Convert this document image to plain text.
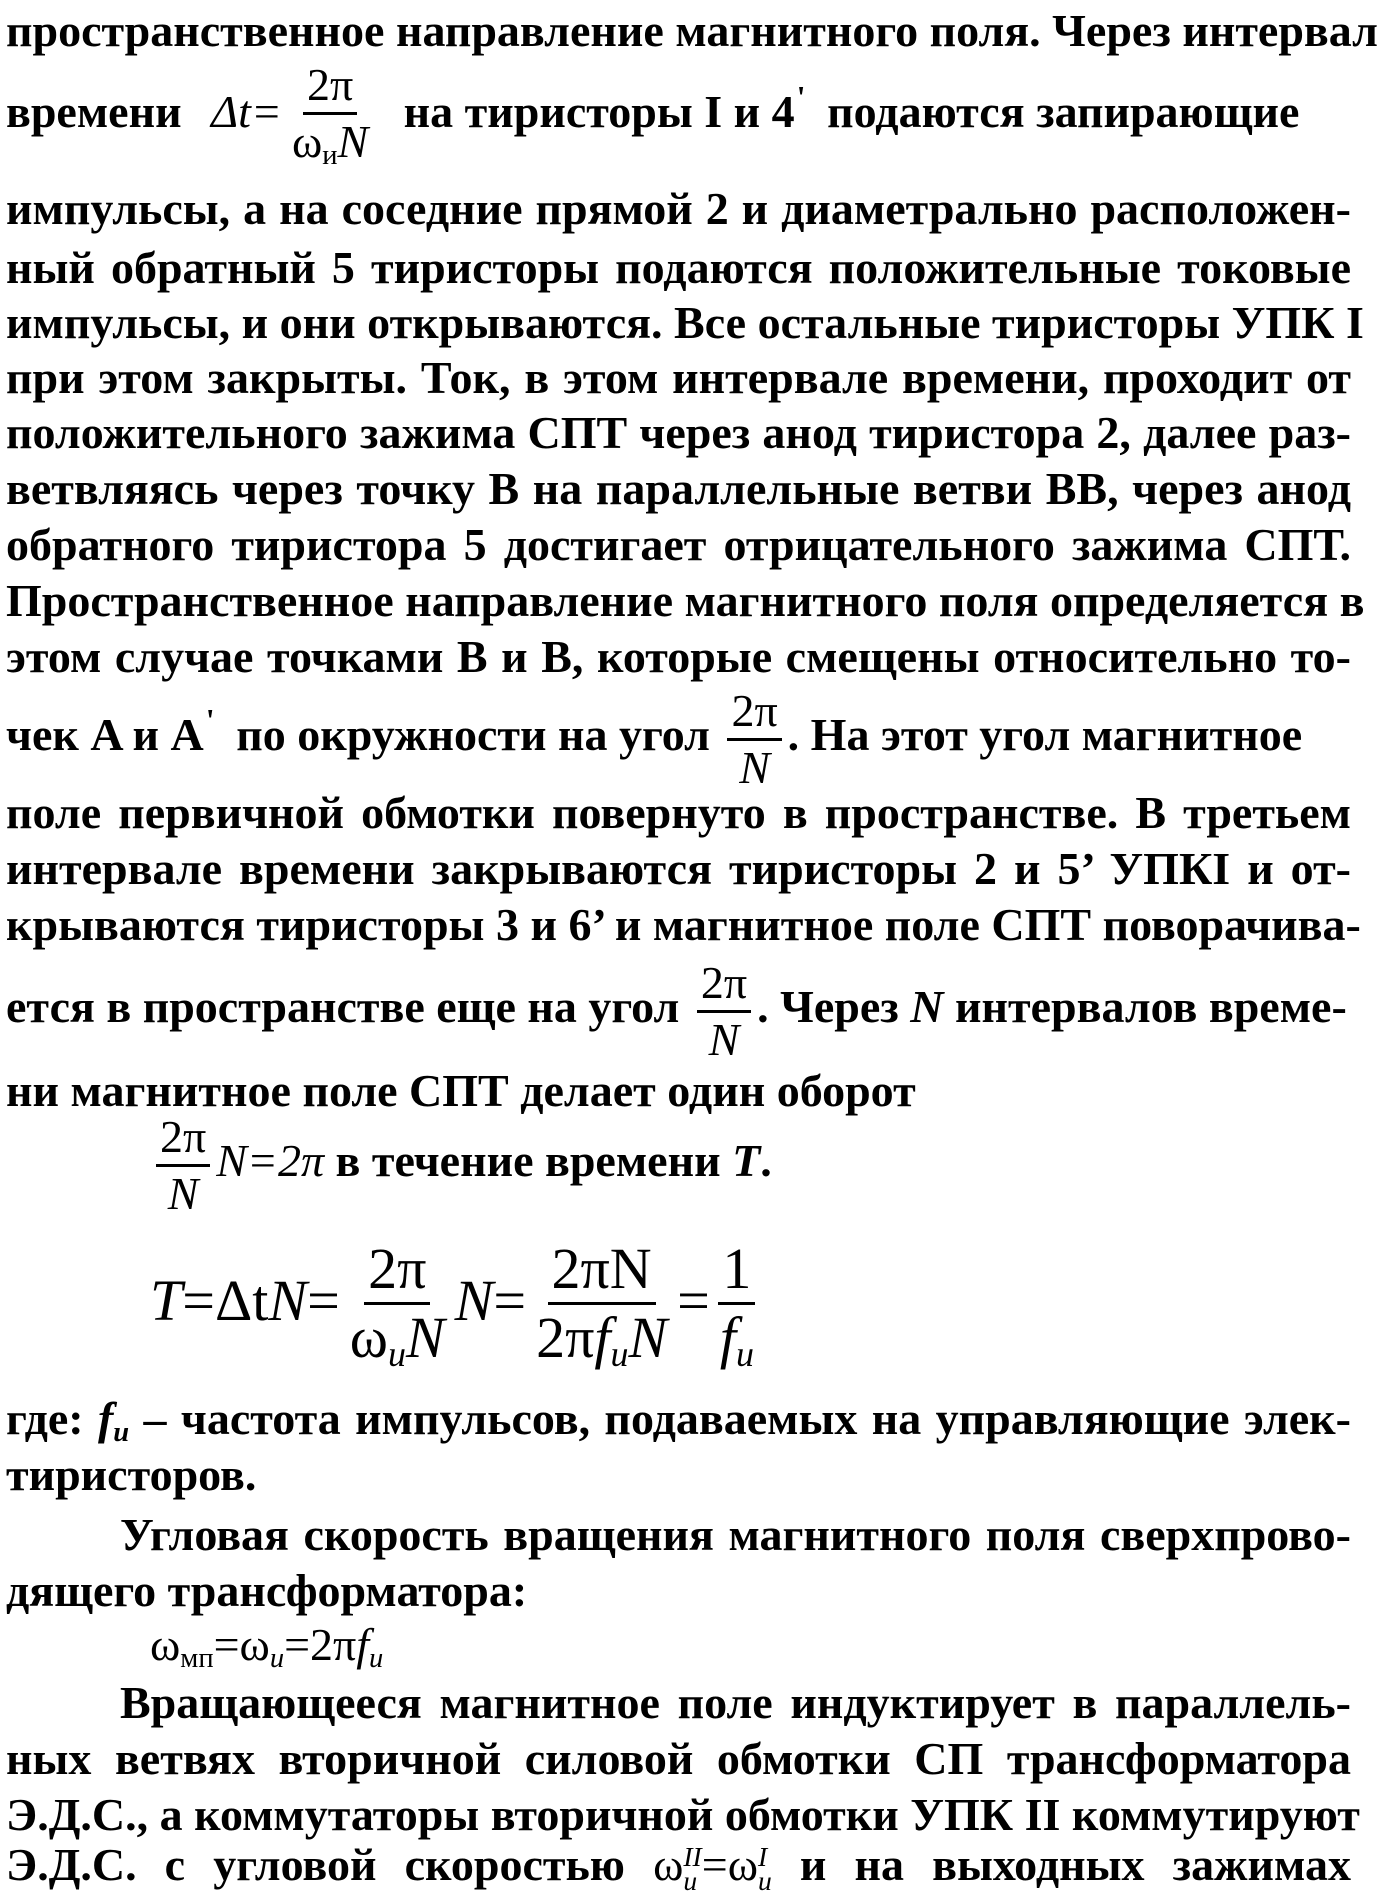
пространственное направление магнитного поля. Через интервал
времени $\Delta t= \frac{2\pi}{\omega_иN}$ на тиристоры I и 4' подаются запирающие
импульсы, а на соседние прямой 2 и диаметрально расположен-
ный обратный 5 тиристоры подаются положительные токовые
импульсы, и они открываются. Все остальные тиристоры УПК I
при этом закрыты. Ток, в этом интервале времени, проходит от
положительного зажима СПТ через анод тиристора 2, далее раз-
ветвляясь через точку B на параллельные ветви BB, через анод
обратного тиристора 5 достигает отрицательного зажима СПТ.
Пространственное направление магнитного поля определяется в
этом случае точками B и B, которые смещены относительно то-
чек A и A' по окружности на угол $\frac{2\pi}{N}$ . На этот угол магнитное
поле первичной обмотки повернуто в пространстве. В третьем
интервале времени закрываются тиристоры 2 и 5’ УПКI и от-
крываются тиристоры 3 и 6’ и магнитное поле СПТ поворачива-
ется в пространстве еще на угол $\frac{2\pi}{N}$ . Через N интервалов време-
ни магнитное поле СПТ делает один оборот
$\frac{2\pi}{N} N=2\pi$ в течение времени T.
$T=\Delta tN= \frac{2\pi}{\omega_uN} N= \frac{2\pi N}{2\pi f_uN} = \frac{1}{f_u}$
где: $f_u$ – частота импульсов, подаваемых на управляющие элек-
тиристоров.
Угловая скорость вращения магнитного поля сверхпрово-
дящего трансформатора:
$\omega_{мп}=\omega_u=2\pi f_u$
Вращающееся магнитное поле индуктирует в параллель-
ных ветвях вторичной силовой обмотки СП трансформатора
Э.Д.С., а коммутаторы вторичной обмотки УПК II коммутируют
Э.Д.С. с угловой скоростью ω II
u =ω I
u и на выходных зажимах
